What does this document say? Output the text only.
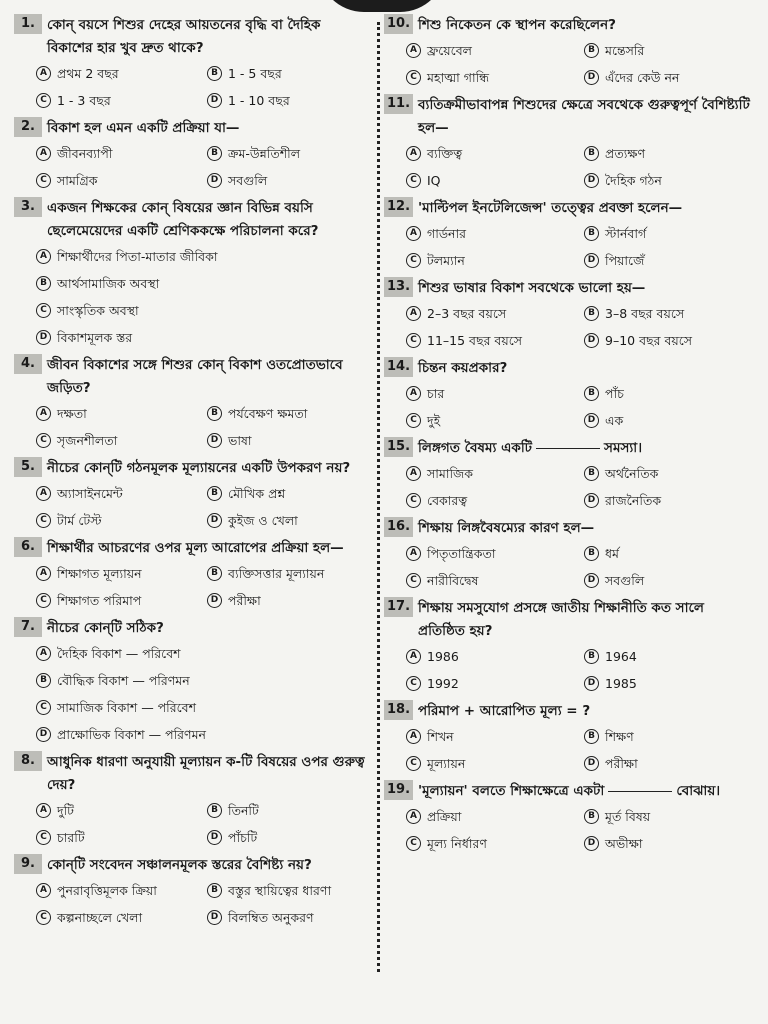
1. কোন্ বয়সে শিশুর দেহের আয়তনের বৃদ্ধি বা দৈহিক বিকাশের হার খুব দ্রুত থাকে?
A প্রথম 2 বছর	B 1 - 5 বছর
C 1 - 3 বছর	D 1 - 10 বছর
2. বিকাশ হল এমন একটি প্রক্রিয়া যা—
A জীবনব্যাপী	B ক্রম-উন্নতিশীল
C সামগ্রিক	D সবগুলি
3. একজন শিক্ষকের কোন্ বিষয়ের জ্ঞান বিভিন্ন বয়সি ছেলেমেয়েদের একটি শ্রেণিককক্ষে পরিচালনা করে?
A শিক্ষার্থীদের পিতা-মাতার জীবিকা
B আর্থসামাজিক অবস্থা
C সাংস্কৃতিক অবস্থা
D বিকাশমূলক স্তর
4. জীবন বিকাশের সঙ্গে শিশুর কোন্ বিকাশ ওতপ্রোতভাবে জড়িত?
A দক্ষতা	B পর্যবেক্ষণ ক্ষমতা
C সৃজনশীলতা	D ভাষা
5. নীচের কোন্‌টি গঠনমূলক মূল্যায়নের একটি উপকরণ নয়?
A অ্যাসাইনমেন্ট	B মৌখিক প্রশ্ন
C টার্ম টেস্ট	D কুইজ ও খেলা
6. শিক্ষার্থীর আচরণের ওপর মূল্য আরোপের প্রক্রিয়া হল—
A শিক্ষাগত মূল্যায়ন	B ব্যক্তিসত্তার মূল্যায়ন
C শিক্ষাগত পরিমাপ	D পরীক্ষা
7. নীচের কোন্‌টি সঠিক?
A দৈহিক বিকাশ — পরিবেশ
B বৌদ্ধিক বিকাশ — পরিণমন
C সামাজিক বিকাশ — পরিবেশ
D প্রাক্ষোভিক বিকাশ — পরিণমন
8. আধুনিক ধারণা অনুযায়ী মূল্যায়ন ক-টি বিষয়ের ওপর গুরুত্ব দেয়?
A দুটি	B তিনটি
C চারটি	D পাঁচটি
9. কোন্‌টি সংবেদন সঞ্চালনমূলক স্তরের বৈশিষ্ট্য নয়?
A পুনরাবৃত্তিমূলক ক্রিয়া	B বস্তুর স্থায়িত্বের ধারণা
C কল্পনাচ্ছলে খেলা	D বিলম্বিত অনুকরণ
10. শিশু নিকেতন কে স্থাপন করেছিলেন?
A ফ্রয়েবেল	B মন্তেসরি
C মহাত্মা গান্ধি	D এঁদের কেউ নন
11. ব্যতিক্রমীভাবাপন্ন শিশুদের ক্ষেত্রে সবথেকে গুরুত্বপূর্ণ বৈশিষ্ট্যটি হল—
A ব্যক্তিত্ব	B প্রত্যক্ষণ
C IQ	D দৈহিক গঠন
12. 'মাল্টিপল ইনটেলিজেন্স' তত্ত্বের প্রবক্তা হলেন—
A গার্ডনার	B স্টার্নবার্গ
C টলম্যান	D পিয়াজেঁ
13. শিশুর ভাষার বিকাশ সবথেকে ভালো হয়—
A 2–3 বছর বয়সে	B 3–8 বছর বয়সে
C 11–15 বছর বয়সে	D 9–10 বছর বয়সে
14. চিন্তন কয়প্রকার?
A চার	B পাঁচ
C দুই	D এক
15. লিঙ্গগত বৈষম্য একটি	সমস্যা।
A সামাজিক	B অর্থনৈতিক
C বেকারত্ব	D রাজনৈতিক
16. শিক্ষায় লিঙ্গবৈষম্যের কারণ হল—
A পিতৃতান্ত্রিকতা	B ধর্ম
C নারীবিদ্বেষ	D সবগুলি
17. শিক্ষায় সমসুযোগ প্রসঙ্গে জাতীয় শিক্ষানীতি কত সালে প্রতিষ্ঠিত হয়?
A 1986	B 1964
C 1992	D 1985
18. পরিমাপ + আরোপিত মূল্য = ?
A শিখন	B শিক্ষণ
C মূল্যায়ন	D পরীক্ষা
19. 'মূল্যায়ন' বলতে শিক্ষাক্ষেত্রে একটা	বোঝায়।
A প্রক্রিয়া	B মূর্ত বিষয়
C মূল্য নির্ধারণ	D অভীক্ষা
